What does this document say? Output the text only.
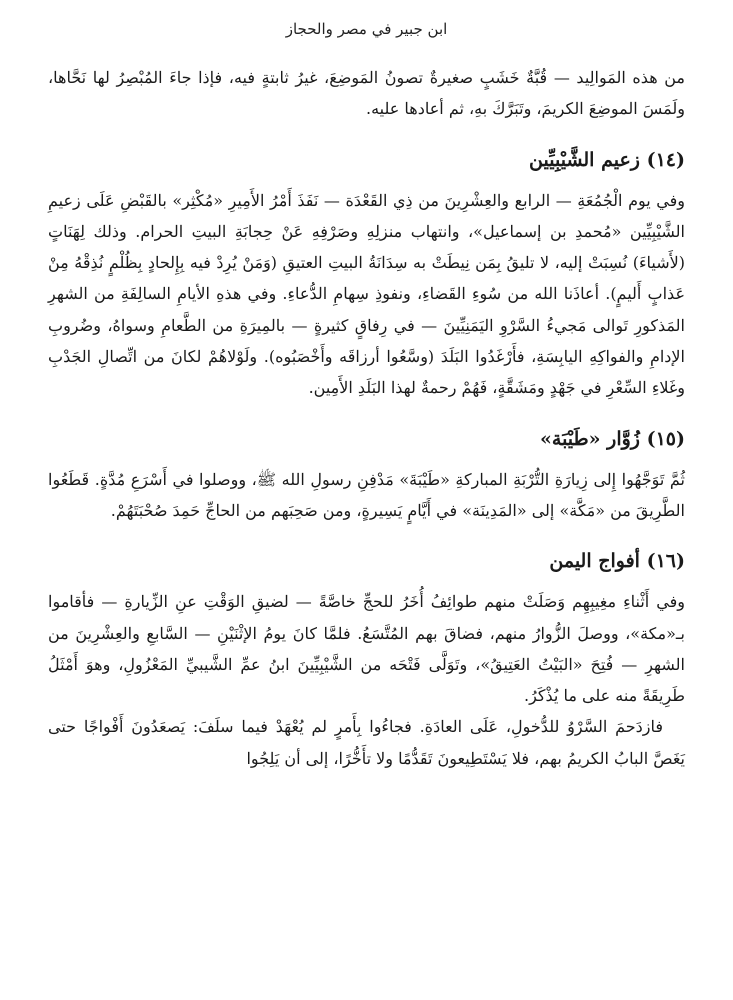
ابن جبير في مصر والحجاز

من هذه المَوالِيد — قُبَّةٌ خَشَبٍ صغيرةٌ تصونُ المَوضِعَ، غيرُ ثابتةٍ فيه، فإذا جاءَ المُبْصِرُ لها نَحَّاها، ولَمَسَ الموضِعَ الكريمَ، وتَبَرَّكَ بهِ، ثم أعادها عليه.

(١٤) زعيم الشَّيْبِيِّين

وفي يوم الْجُمُعَةِ — الرابع والعِشْرِينَ من ذِي القَعْدَة — نَفَذَ أَمْرُ الأَمِيرِ «مُكْثِر» بالقَبْضِ عَلَى زعيمِ الشَّيْبِيِّين «مُحمدِ بن إسماعيل»، وانتهاب منزلِهِ وصَرْفِهِ عَنْ حِجابَةِ البيتِ الحرام. وذلك لِهَنَاتٍ (لأَشياءَ) نُسِبَتْ إليه، لا تليقُ بِمَن نِيطَتْ به سِدَانَةُ البيتِ العتيقِ (وَمَنْ يُرِدْ فيه بِإِلحادٍ بِظُلْمٍ نُذِقْهُ مِنْ عَذابٍ أَليمٍ). أعاذَنا الله من سُوءِ القَضاءِ، ونفوذِ سِهامِ الدُّعاءِ. وفي هذهِ الأيامِ السالِفَةِ من الشهرِ المَذكورِ تَوالى مَجيءُ السَّرْوِ اليَمَنِيِّينَ — في رِفاقٍ كثيرةٍ — بالمِيرَةِ من الطَّعامِ وسواهُ، وضُروبِ الإدامِ والفواكِهِ اليابِسَةِ، فأَرْغَدُوا البَلَدَ (وسَّعُوا أرزاقَه وأَخْصَبُوه). ولَوْلاهُمْ لكانَ من اتِّصالِ الجَدْبِ وغَلاءِ السِّعْرِ في جَهْدٍ ومَشَقَّةٍ، فَهُمْ رحمةٌ لهذا البَلَدِ الأَمِين.

(١٥) زُوَّار «طَيْبَة»

ثُمَّ تَوَجَّهُوا إِلى زِيارَةِ التُّرْبَةِ المباركةِ «طَيْبَةَ» مَدْفِنِ رسولِ الله ﷺ، ووصلوا في أَسْرَعِ مُدَّةٍ. قَطَعُوا الطَّرِيقَ من «مَكَّة» إلى «المَدِينَة» في أَيَّامٍ يَسِيرةٍ، ومن صَحِبَهم من الحاجِّ حَمِدَ صُحْبَتَهُمْ.

(١٦) أفواج اليمن

وفي أَثْناءِ مغِيبِهِم وَصَلَتْ منهم طوائِفُ أُخَرُ للحجِّ خاصَّةً — لضيقِ الوَقْتِ عنِ الزِّيارةِ — فأقاموا بـ«مكة»، ووصلَ الزُّوارُ منهم، فضاقَ بهم المُتَّسَعُ. فلمَّا كانَ يومُ الإثْنَيْنِ — السَّابعِ والعِشْرِينَ من الشهرِ — فُتِحَ «البَيْتُ العَتِيقُ»، وتَوَلَّى فَتْحَه من الشَّيْبِيِّينَ ابنُ عمِّ الشَّيبيِّ المَعْزُولِ، وهوَ أَمْثَلُ طَرِيقَةً منه على ما يُذْكَرُ.

فازدَحمَ السَّرْوُ للدُّخولِ، عَلَى العادَةِ. فجاءُوا بِأَمرٍ لم يُعْهَدْ فيما سلَفَ: يَصعَدُونَ أَفْواجًا حتى يَغَصَّ البابُ الكريمُ بهم، فلا يَسْتَطِيعونَ تَقَدُّمًا ولا تأَخُّرًا، إلى أن يَلِجُوا
